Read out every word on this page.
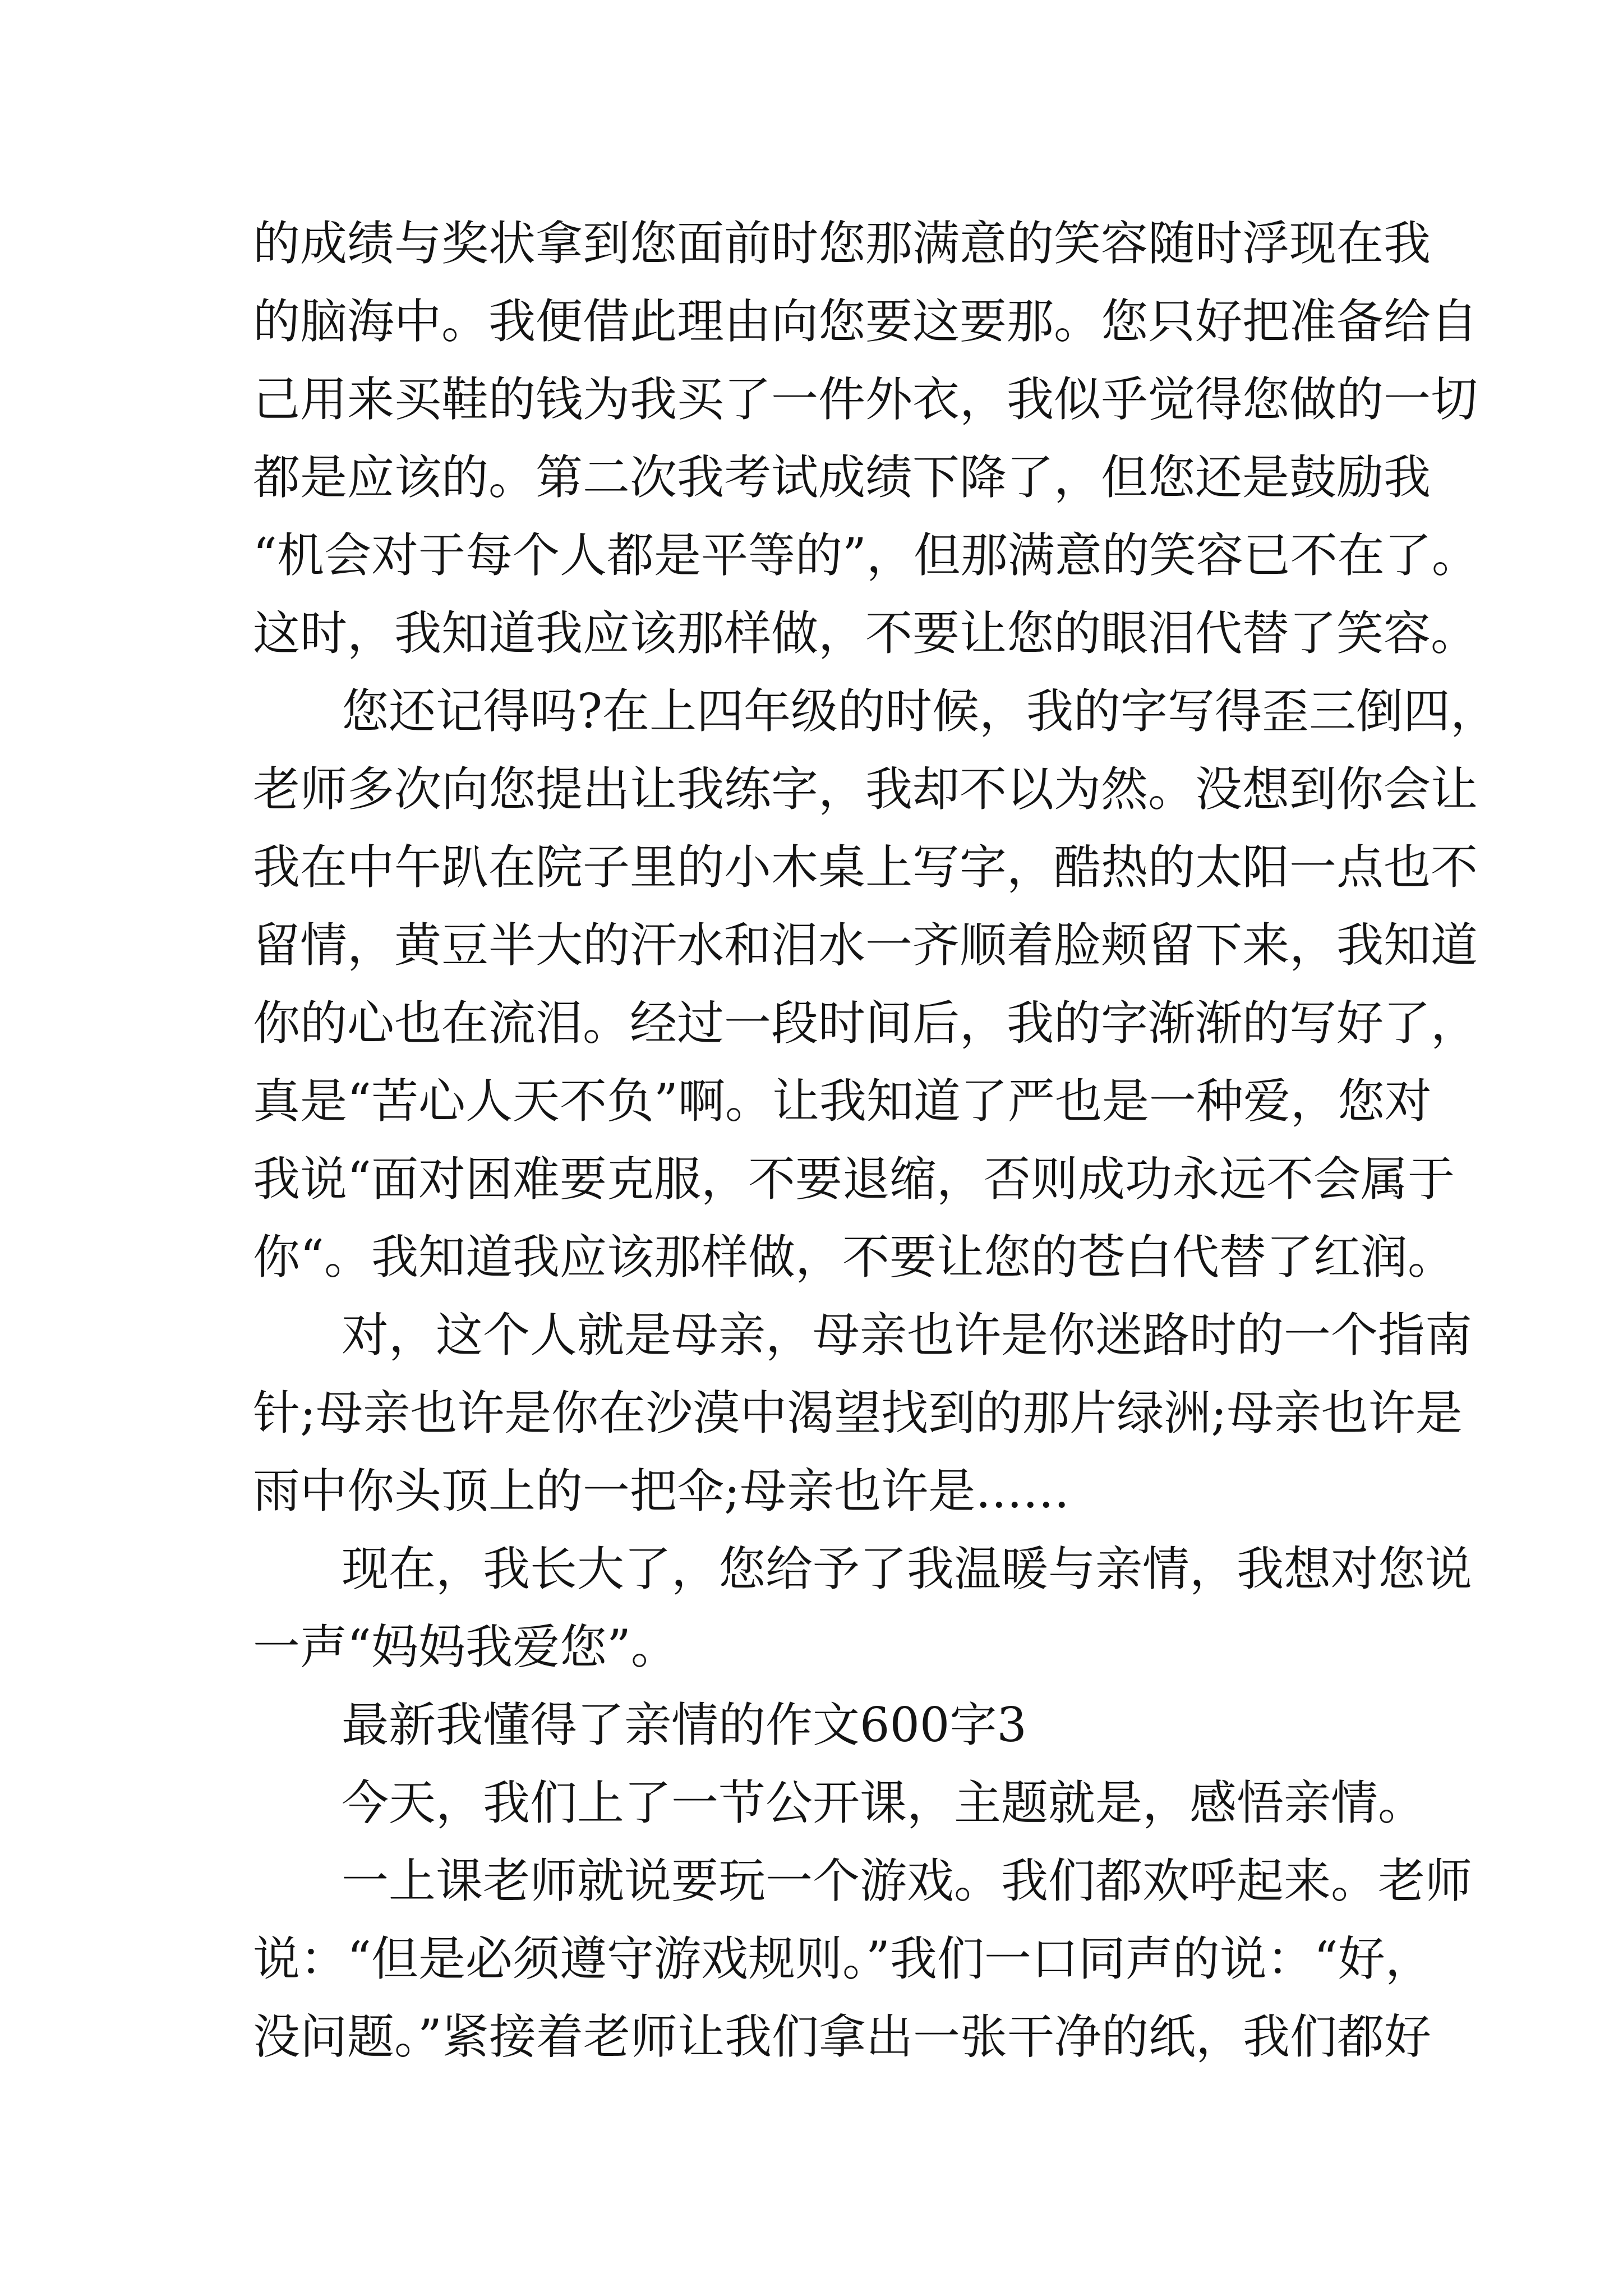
的成绩与奖状拿到您面前时您那满意的笑容随时浮现在我
的脑海中。我便借此理由向您要这要那。您只好把准备给自
己用来买鞋的钱为我买了一件外衣，我似乎觉得您做的一切
都是应该的。第二次我考试成绩下降了，但您还是鼓励我
“机会对于每个人都是平等的”，但那满意的笑容已不在了。
这时，我知道我应该那样做，不要让您的眼泪代替了笑容。
您还记得吗?在上四年级的时候，我的字写得歪三倒四，
老师多次向您提出让我练字，我却不以为然。没想到你会让
我在中午趴在院子里的小木桌上写字，酷热的太阳一点也不
留情，黄豆半大的汗水和泪水一齐顺着脸颊留下来，我知道
你的心也在流泪。经过一段时间后，我的字渐渐的写好了，
真是“苦心人天不负”啊。让我知道了严也是一种爱，您对
我说“面对困难要克服，不要退缩，否则成功永远不会属于
你“。我知道我应该那样做，不要让您的苍白代替了红润。
对，这个人就是母亲，母亲也许是你迷路时的一个指南
针;母亲也许是你在沙漠中渴望找到的那片绿洲;母亲也许是
雨中你头顶上的一把伞;母亲也许是……
现在，我长大了，您给予了我温暖与亲情，我想对您说
一声“妈妈我爱您”。
最新我懂得了亲情的作文600字3
今天，我们上了一节公开课，主题就是，感悟亲情。
一上课老师就说要玩一个游戏。我们都欢呼起来。老师
说：“但是必须遵守游戏规则。”我们一口同声的说：“好，
没问题。”紧接着老师让我们拿出一张干净的纸，我们都好
